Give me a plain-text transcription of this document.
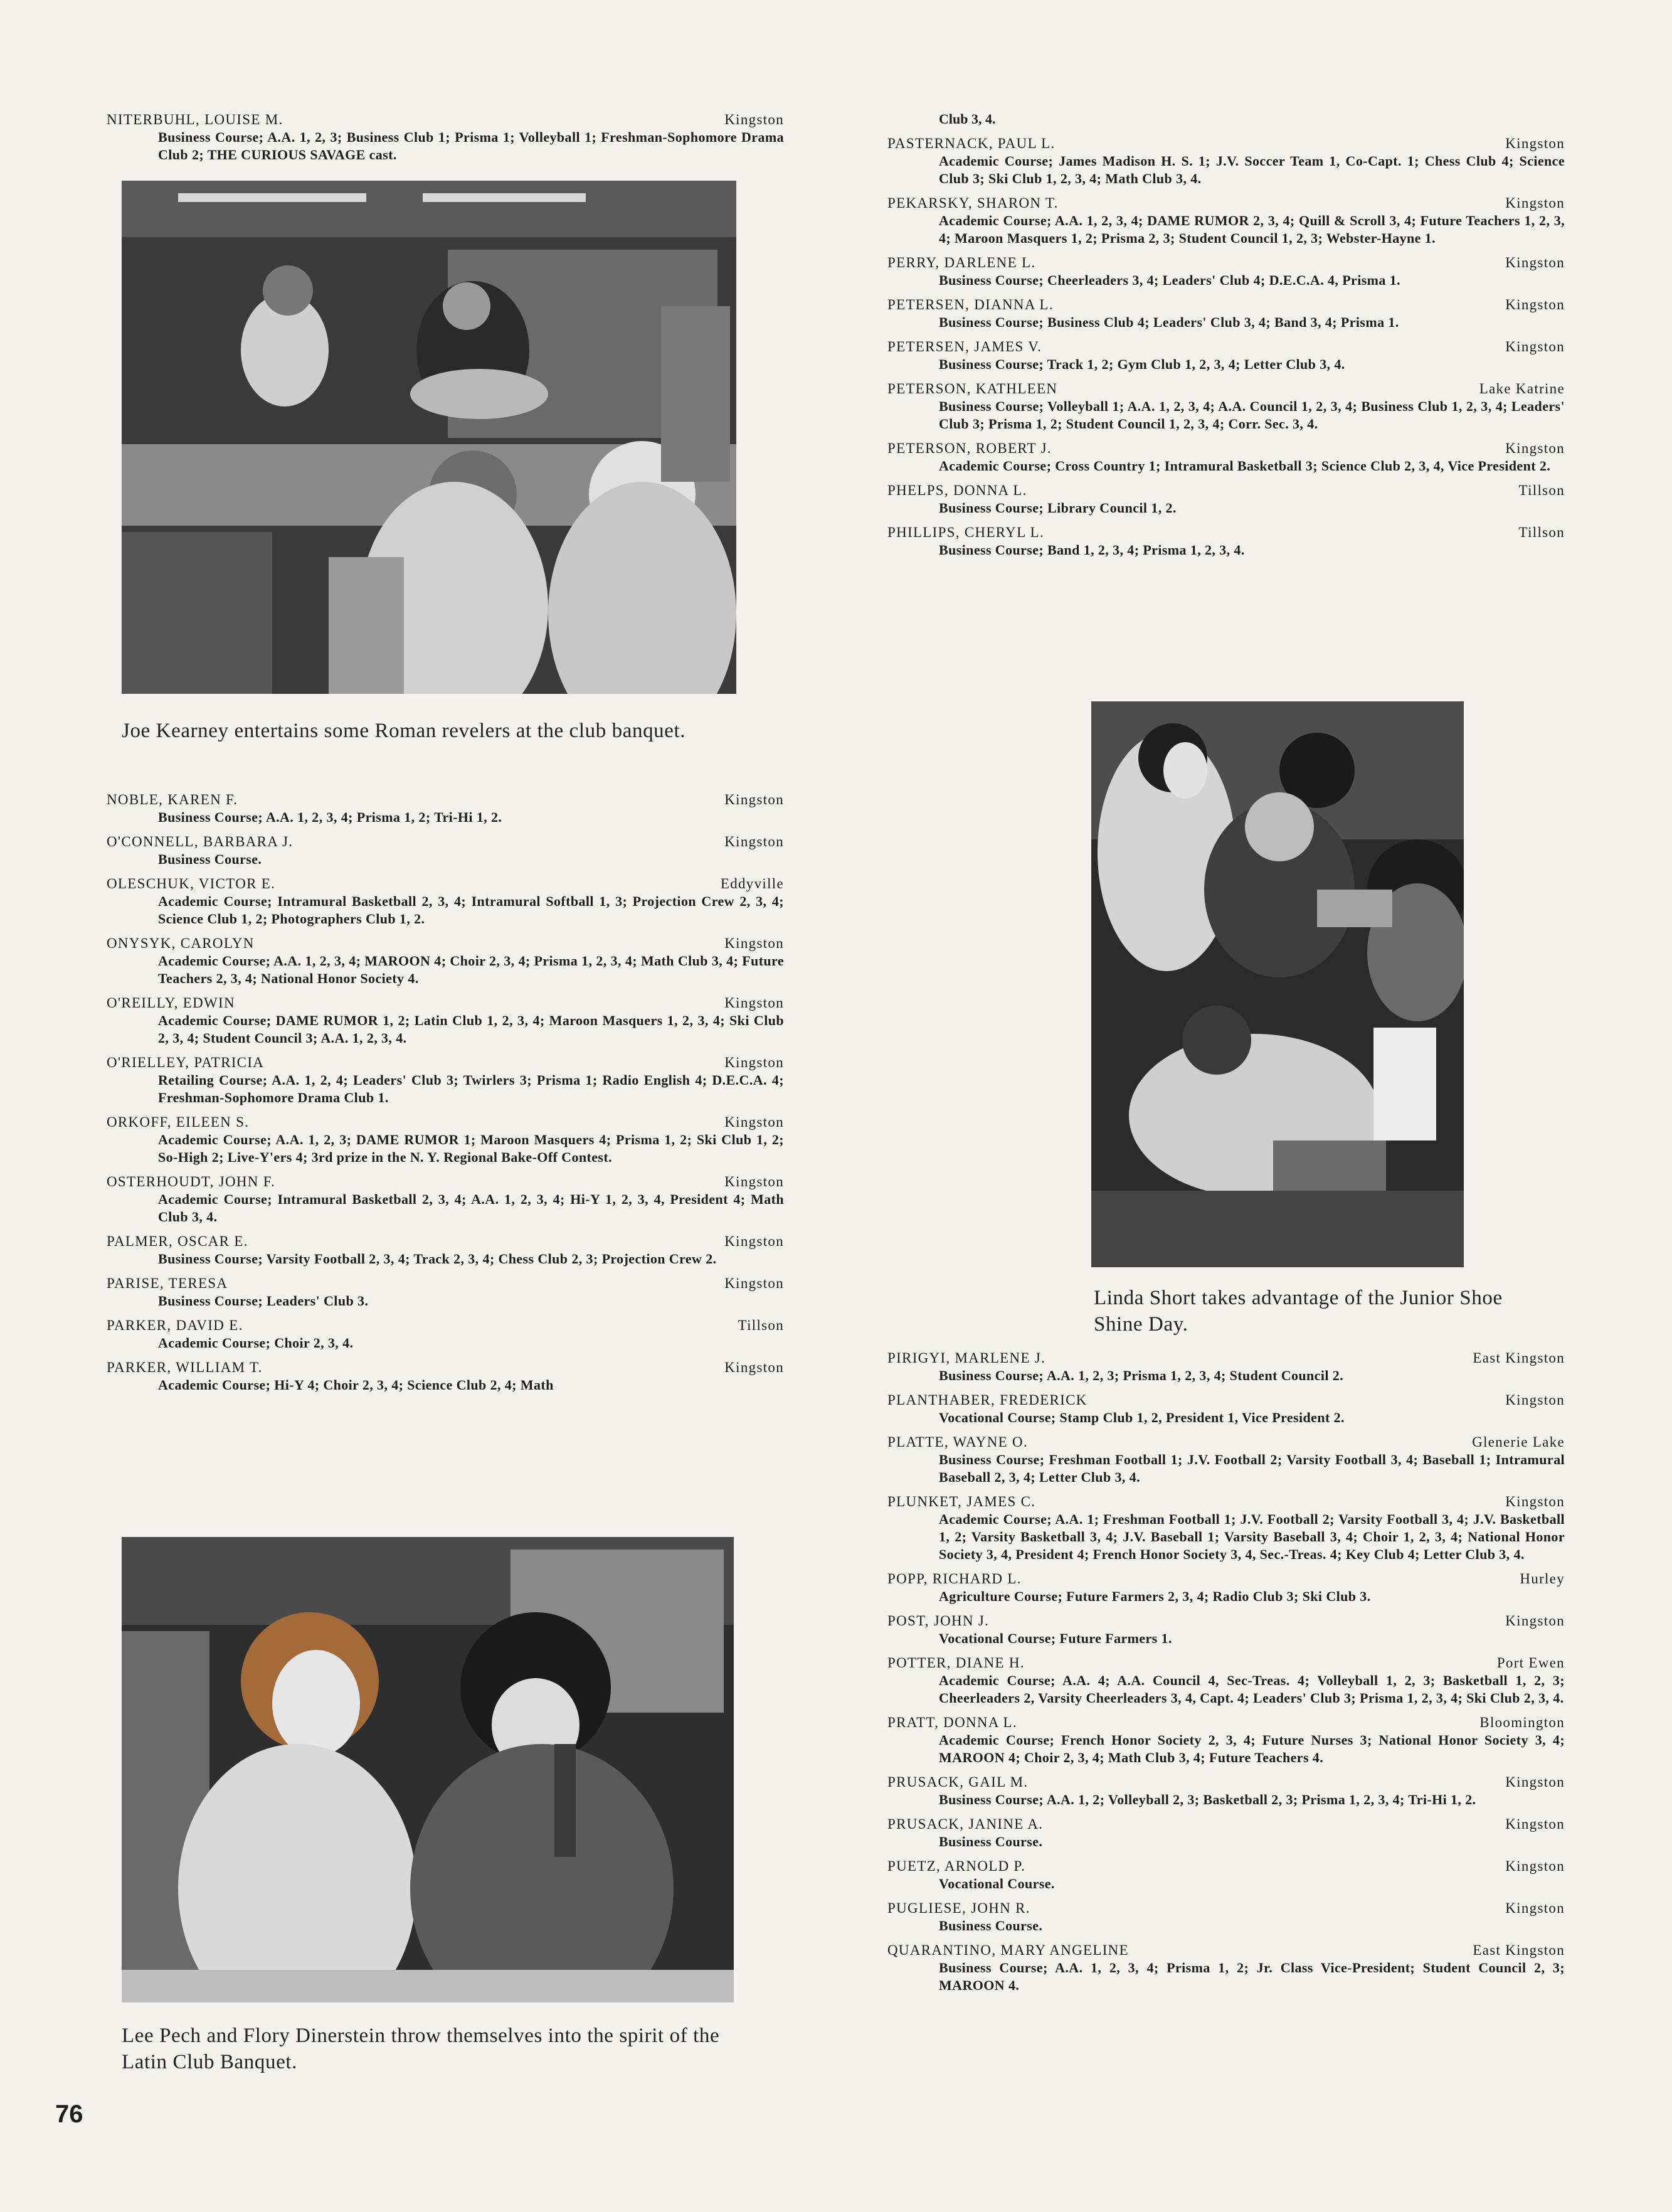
NITERBUHL, LOUISE M.	Kingston
Business Course; A.A. 1, 2, 3; Business Club 1; Prisma 1; Volleyball 1; Freshman-Sophomore Drama Club 2; THE CURIOUS SAVAGE cast.
Joe Kearney entertains some Roman revelers at the club banquet.
NOBLE, KAREN F.	Kingston
Business Course; A.A. 1, 2, 3, 4; Prisma 1, 2; Tri-Hi 1, 2.
O'CONNELL, BARBARA J.	Kingston
Business Course.
OLESCHUK, VICTOR E.	Eddyville
Academic Course; Intramural Basketball 2, 3, 4; Intramural Softball 1, 3; Projection Crew 2, 3, 4; Science Club 1, 2; Photographers Club 1, 2.
ONYSYK, CAROLYN	Kingston
Academic Course; A.A. 1, 2, 3, 4; MAROON 4; Choir 2, 3, 4; Prisma 1, 2, 3, 4; Math Club 3, 4; Future Teachers 2, 3, 4; National Honor Society 4.
O'REILLY, EDWIN	Kingston
Academic Course; DAME RUMOR 1, 2; Latin Club 1, 2, 3, 4; Maroon Masquers 1, 2, 3, 4; Ski Club 2, 3, 4; Student Council 3; A.A. 1, 2, 3, 4.
O'RIELLEY, PATRICIA	Kingston
Retailing Course; A.A. 1, 2, 4; Leaders' Club 3; Twirlers 3; Prisma 1; Radio English 4; D.E.C.A. 4; Freshman-Sophomore Drama Club 1.
ORKOFF, EILEEN S.	Kingston
Academic Course; A.A. 1, 2, 3; DAME RUMOR 1; Maroon Masquers 4; Prisma 1, 2; Ski Club 1, 2; So-High 2; Live-Y'ers 4; 3rd prize in the N. Y. Regional Bake-Off Contest.
OSTERHOUDT, JOHN F.	Kingston
Academic Course; Intramural Basketball 2, 3, 4; A.A. 1, 2, 3, 4; Hi-Y 1, 2, 3, 4, President 4; Math Club 3, 4.
PALMER, OSCAR E.	Kingston
Business Course; Varsity Football 2, 3, 4; Track 2, 3, 4; Chess Club 2, 3; Projection Crew 2.
PARISE, TERESA	Kingston
Business Course; Leaders' Club 3.
PARKER, DAVID E.	Tillson
Academic Course; Choir 2, 3, 4.
PARKER, WILLIAM T.	Kingston
Academic Course; Hi-Y 4; Choir 2, 3, 4; Science Club 2, 4; Math
Lee Pech and Flory Dinerstein throw themselves into the spirit of the Latin Club Banquet.
Club 3, 4.
PASTERNACK, PAUL L.	Kingston
Academic Course; James Madison H. S. 1; J.V. Soccer Team 1, Co-Capt. 1; Chess Club 4; Science Club 3; Ski Club 1, 2, 3, 4; Math Club 3, 4.
PEKARSKY, SHARON T.	Kingston
Academic Course; A.A. 1, 2, 3, 4; DAME RUMOR 2, 3, 4; Quill & Scroll 3, 4; Future Teachers 1, 2, 3, 4; Maroon Masquers 1, 2; Prisma 2, 3; Student Council 1, 2, 3; Webster-Hayne 1.
PERRY, DARLENE L.	Kingston
Business Course; Cheerleaders 3, 4; Leaders' Club 4; D.E.C.A. 4, Prisma 1.
PETERSEN, DIANNA L.	Kingston
Business Course; Business Club 4; Leaders' Club 3, 4; Band 3, 4; Prisma 1.
PETERSEN, JAMES V.	Kingston
Business Course; Track 1, 2; Gym Club 1, 2, 3, 4; Letter Club 3, 4.
PETERSON, KATHLEEN	Lake Katrine
Business Course; Volleyball 1; A.A. 1, 2, 3, 4; A.A. Council 1, 2, 3, 4; Business Club 1, 2, 3, 4; Leaders' Club 3; Prisma 1, 2; Student Council 1, 2, 3, 4; Corr. Sec. 3, 4.
PETERSON, ROBERT J.	Kingston
Academic Course; Cross Country 1; Intramural Basketball 3; Science Club 2, 3, 4, Vice President 2.
PHELPS, DONNA L.	Tillson
Business Course; Library Council 1, 2.
PHILLIPS, CHERYL L.	Tillson
Business Course; Band 1, 2, 3, 4; Prisma 1, 2, 3, 4.
Linda Short takes advantage of the Junior Shoe Shine Day.
PIRIGYI, MARLENE J.	East Kingston
Business Course; A.A. 1, 2, 3; Prisma 1, 2, 3, 4; Student Council 2.
PLANTHABER, FREDERICK	Kingston
Vocational Course; Stamp Club 1, 2, President 1, Vice President 2.
PLATTE, WAYNE O.	Glenerie Lake
Business Course; Freshman Football 1; J.V. Football 2; Varsity Football 3, 4; Baseball 1; Intramural Baseball 2, 3, 4; Letter Club 3, 4.
PLUNKET, JAMES C.	Kingston
Academic Course; A.A. 1; Freshman Football 1; J.V. Football 2; Varsity Football 3, 4; J.V. Basketball 1, 2; Varsity Basketball 3, 4; J.V. Baseball 1; Varsity Baseball 3, 4; Choir 1, 2, 3, 4; National Honor Society 3, 4, President 4; French Honor Society 3, 4, Sec.-Treas. 4; Key Club 4; Letter Club 3, 4.
POPP, RICHARD L.	Hurley
Agriculture Course; Future Farmers 2, 3, 4; Radio Club 3; Ski Club 3.
POST, JOHN J.	Kingston
Vocational Course; Future Farmers 1.
POTTER, DIANE H.	Port Ewen
Academic Course; A.A. 4; A.A. Council 4, Sec-Treas. 4; Volleyball 1, 2, 3; Basketball 1, 2, 3; Cheerleaders 2, Varsity Cheerleaders 3, 4, Capt. 4; Leaders' Club 3; Prisma 1, 2, 3, 4; Ski Club 2, 3, 4.
PRATT, DONNA L.	Bloomington
Academic Course; French Honor Society 2, 3, 4; Future Nurses 3; National Honor Society 3, 4; MAROON 4; Choir 2, 3, 4; Math Club 3, 4; Future Teachers 4.
PRUSACK, GAIL M.	Kingston
Business Course; A.A. 1, 2; Volleyball 2, 3; Basketball 2, 3; Prisma 1, 2, 3, 4; Tri-Hi 1, 2.
PRUSACK, JANINE A.	Kingston
Business Course.
PUETZ, ARNOLD P.	Kingston
Vocational Course.
PUGLIESE, JOHN R.	Kingston
Business Course.
QUARANTINO, MARY ANGELINE	East Kingston
Business Course; A.A. 1, 2, 3, 4; Prisma 1, 2; Jr. Class Vice-President; Student Council 2, 3; MAROON 4.
76
